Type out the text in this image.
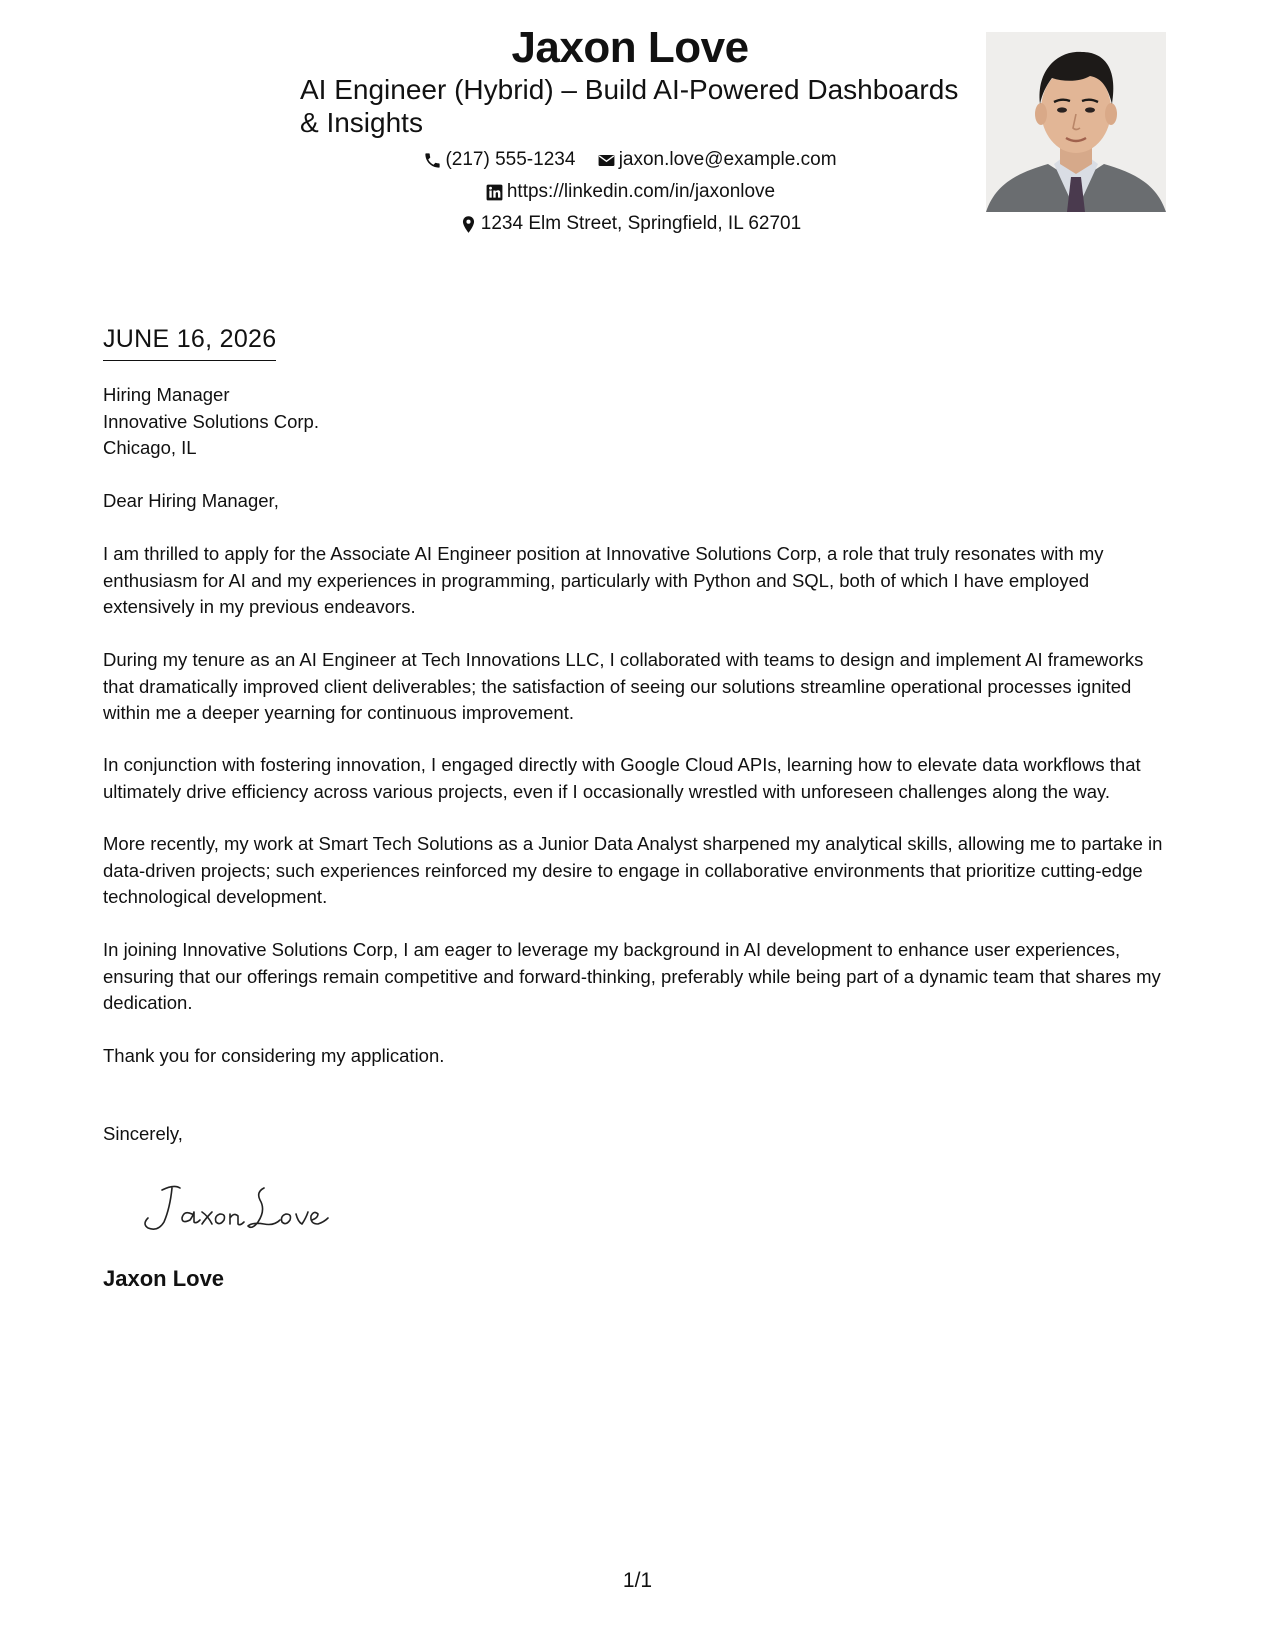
Jaxon Love
AI Engineer (Hybrid) – Build AI-Powered Dashboards & Insights
(217) 555-1234
jaxon.love@example.com
https://linkedin.com/in/jaxonlove
1234 Elm Street, Springfield, IL 62701
JUNE 16, 2026
Hiring Manager
Innovative Solutions Corp.
Chicago, IL
Dear Hiring Manager,
I am thrilled to apply for the Associate AI Engineer position at Innovative Solutions Corp, a role that truly resonates with my enthusiasm for AI and my experiences in programming, particularly with Python and SQL, both of which I have employed extensively in my previous endeavors.
During my tenure as an AI Engineer at Tech Innovations LLC, I collaborated with teams to design and implement AI frameworks that dramatically improved client deliverables; the satisfaction of seeing our solutions streamline operational processes ignited within me a deeper yearning for continuous improvement.
In conjunction with fostering innovation, I engaged directly with Google Cloud APIs, learning how to elevate data workflows that ultimately drive efficiency across various projects, even if I occasionally wrestled with unforeseen challenges along the way.
More recently, my work at Smart Tech Solutions as a Junior Data Analyst sharpened my analytical skills, allowing me to partake in data-driven projects; such experiences reinforced my desire to engage in collaborative environments that prioritize cutting-edge technological development.
In joining Innovative Solutions Corp, I am eager to leverage my background in AI development to enhance user experiences, ensuring that our offerings remain competitive and forward-thinking, preferably while being part of a dynamic team that shares my dedication.
Thank you for considering my application.
Sincerely,
Jaxon Love
1/1
